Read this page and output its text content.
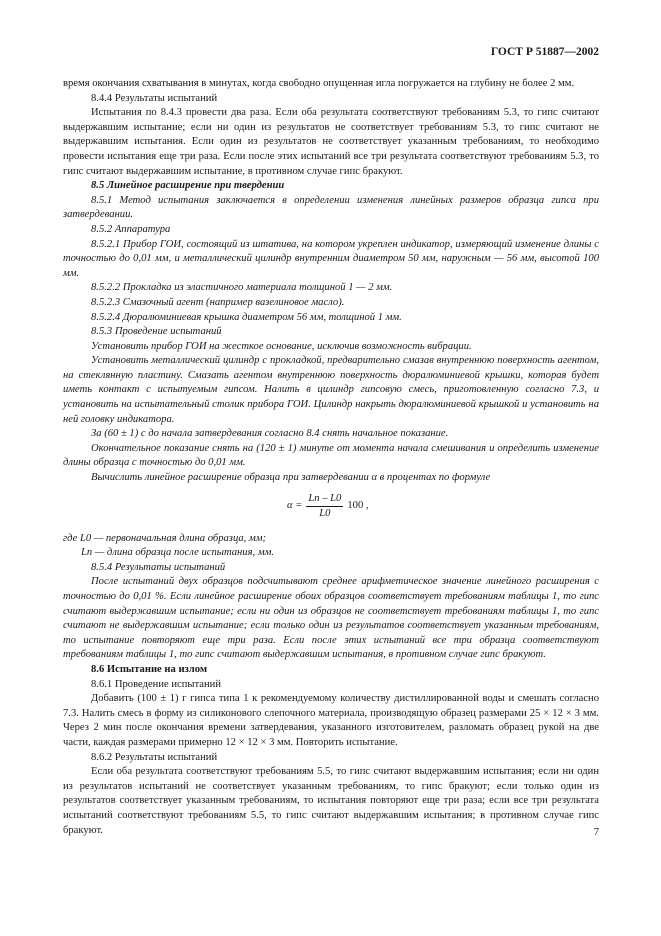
ГОСТ Р 51887—2002

время окончания схватывания в минутах, когда свободно опущенная игла погружается на глубину не более 2 мм.

8.4.4 Результаты испытаний

Испытания по 8.4.3 провести два раза. Если оба результата соответствуют требованиям 5.3, то гипс считают выдержавшим испытание; если ни один из результатов не соответствует требованиям 5.3, то гипс считают не выдержавшим испытания. Если один из результатов не соответствует указанным требованиям, то необходимо провести испытания еще три раза. Если после этих испытаний все три результата соответствуют требованиям 5.3, то гипс считают выдержавшим испытание, в противном случае гипс бракуют.

8.5 Линейное расширение при твердении

8.5.1 Метод испытания заключается в определении изменения линейных размеров образца гипса при затвердевании.

8.5.2 Аппаратура

8.5.2.1 Прибор ГОИ, состоящий из штатива, на котором укреплен индикатор, измеряющий изменение длины с точностью до 0,01 мм, и металлический цилиндр внутренним диаметром 50 мм, наружным — 56 мм, высотой 100 мм.

8.5.2.2 Прокладка из эластичного материала толщиной 1 — 2 мм.

8.5.2.3 Смазочный агент (например вазелиновое масло).

8.5.2.4 Дюралюминиевая крышка диаметром 56 мм, толщиной 1 мм.

8.5.3 Проведение испытаний

Установить прибор ГОИ на жесткое основание, исключив возможность вибрации.

Установить металлический цилиндр с прокладкой, предварительно смазав внутреннюю поверхность агентом, на стеклянную пластину. Смазать агентом внутреннюю поверхность дюралюминиевой крышки, которая будет иметь контакт с испытуемым гипсом. Налить в цилиндр гипсовую смесь, приготовленную согласно 7.3, и установить на испытательный столик прибора ГОИ. Цилиндр накрыть дюралюминиевой крышкой и установить на ней головку индикатора.

За (60 ± 1) с до начала затвердевания согласно 8.4 снять начальное показание.

Окончательное показание снять на (120 ± 1) минуте от момента начала смешивания и определить изменение длины образца с точностью до 0,01 мм.

Вычислить линейное расширение образца при затвердевании α в процентах по формуле

$\alpha = \frac{Lп - L0}{L0} 100$ ,

где L0 — первоначальная длина образца, мм;

Lп — длина образца после испытания, мм.

8.5.4 Результаты испытаний

После испытаний двух образцов подсчитывают среднее арифметическое значение линейного расширения с точностью до 0,01 %. Если линейное расширение обоих образцов соответствует требованиям таблицы 1, то гипс считают выдержавшим испытание; если ни один из образцов не соответствует требованиям таблицы 1, то гипс считают не выдержавшим испытание; если только один из результатов соответствует указанным требованиям, то испытание повторяют еще три раза. Если после этих испытаний все три образца соответствуют требованиям таблицы 1, то гипс считают выдержавшим испытания, в противном случае гипс бракуют.

8.6 Испытание на излом

8.6.1 Проведение испытаний

Добавить (100 ± 1) г гипса типа 1 к рекомендуемому количеству дистиллированной воды и смешать согласно 7.3. Налить смесь в форму из силиконового слепочного материала, производящую образец размерами 25 × 12 × 3 мм. Через 2 мин после окончания времени затвердевания, указанного изготовителем, разломать образец рукой на две части, каждая размерами примерно 12 × 12 × 3 мм. Повторить испытание.

8.6.2 Результаты испытаний

Если оба результата соответствуют требованиям 5.5, то гипс считают выдержавшим испытания; если ни один из результатов испытаний не соответствует указанным требованиям, то гипс бракуют; если только один из результатов соответствует указанным требованиям, то испытания повторяют еще три раза; если все три результата испытаний соответствуют требованиям 5.5, то гипс считают выдержавшим испытания; в противном случае гипс бракуют.	7
